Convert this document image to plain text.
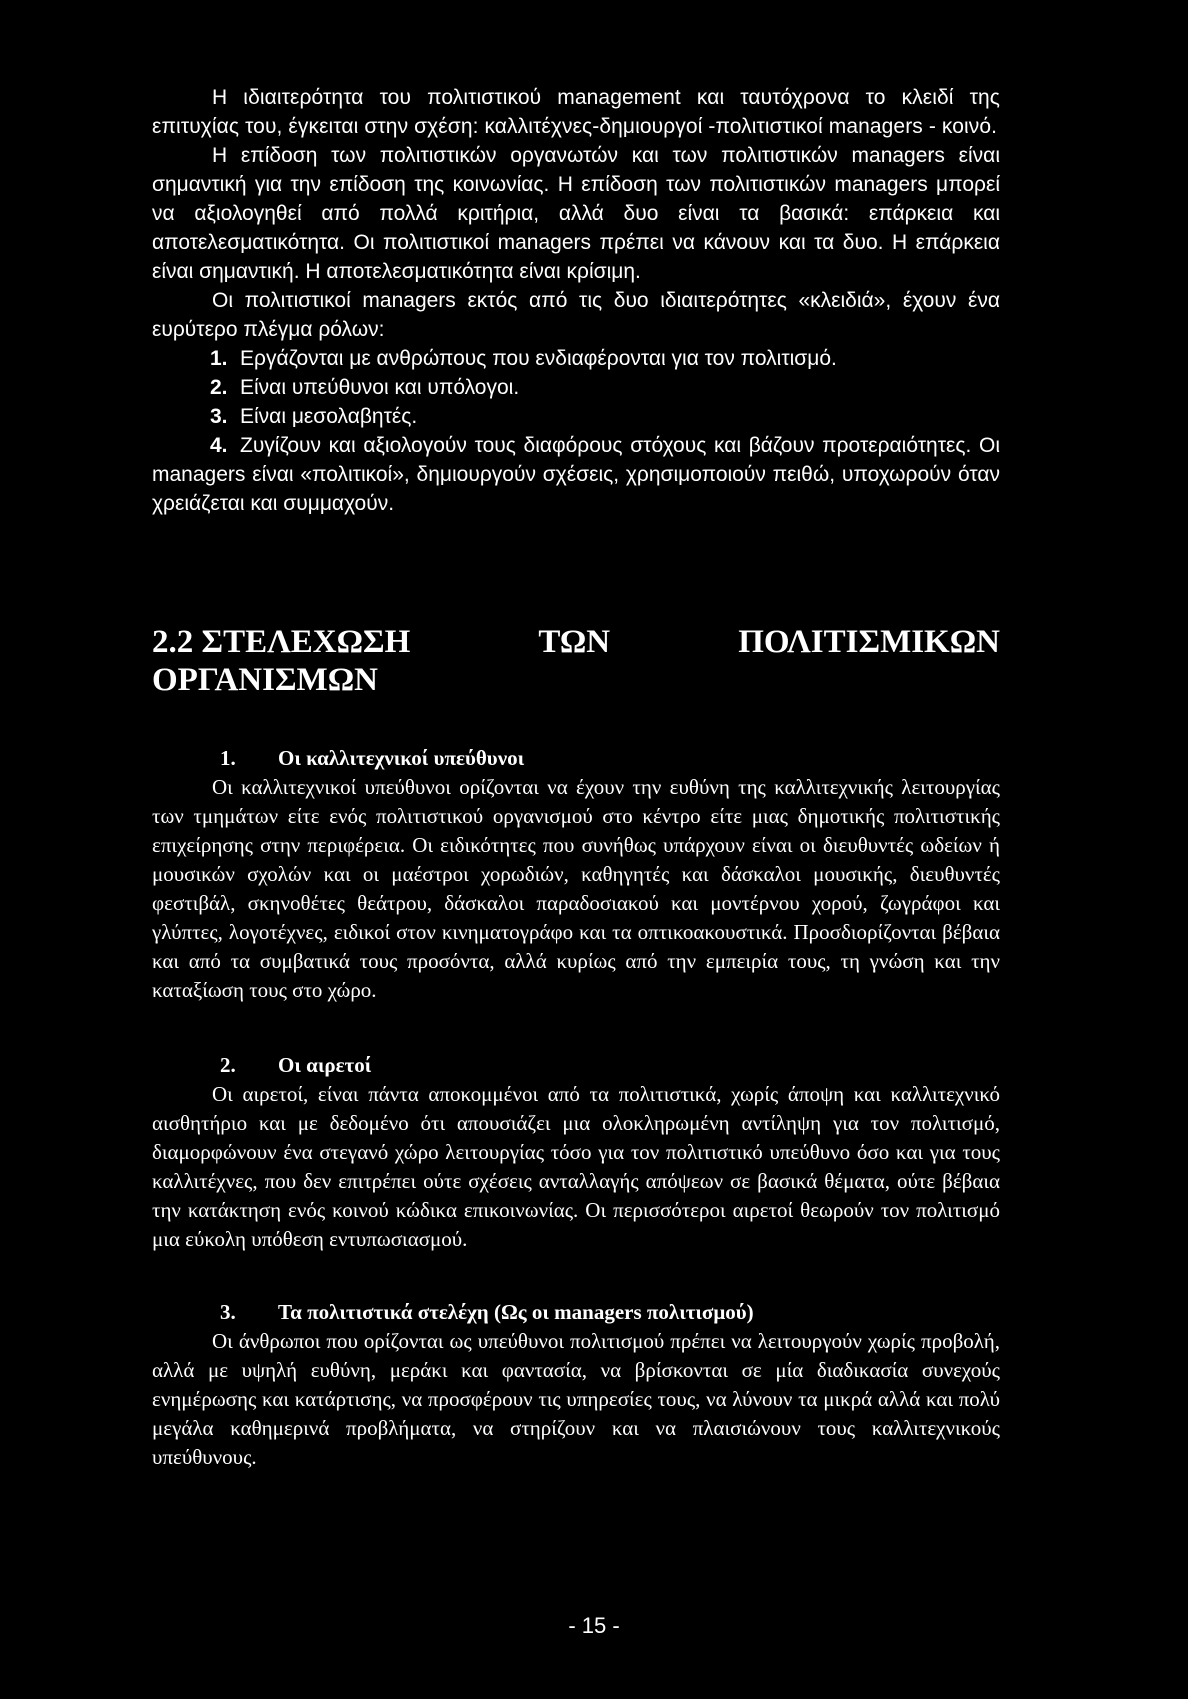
Η ιδιαιτερότητα του πολιτιστικού management και ταυτόχρονα το κλειδί της επιτυχίας του, έγκειται στην σχέση: καλλιτέχνες-δημιουργοί -πολιτιστικοί managers - κοινό.

Η επίδοση των πολιτιστικών οργανωτών και των πολιτιστικών managers είναι σημαντική για την επίδοση της κοινωνίας. Η επίδοση των πολιτιστικών managers μπορεί να αξιολογηθεί από πολλά κριτήρια, αλλά δυο είναι τα βασικά: επάρκεια και αποτελεσματικότητα. Οι πολιτιστικοί managers πρέπει να κάνουν και τα δυο. Η επάρκεια είναι σημαντική. Η αποτελεσματικότητα είναι κρίσιμη.

Οι πολιτιστικοί managers εκτός από τις δυο ιδιαιτερότητες «κλειδιά», έχουν ένα ευρύτερο πλέγμα ρόλων:

1. Εργάζονται με ανθρώπους που ενδιαφέρονται για τον πολιτισμό.
2. Είναι υπεύθυνοι και υπόλογοι.
3. Είναι μεσολαβητές.
4. Ζυγίζουν και αξιολογούν τους διαφόρους στόχους και βάζουν προτεραιότητες. Οι managers είναι «πολιτικοί», δημιουργούν σχέσεις, χρησιμοποιούν πειθώ, υποχωρούν όταν χρειάζεται και συμμαχούν.

2.2 ΣΤΕΛΕΧΩΣΗ	ΤΩΝ	ΠΟΛΙΤΙΣΜΙΚΩΝ
ΟΡΓΑΝΙΣΜΩΝ
1. Οι καλλιτεχνικοί υπεύθυνοι

Οι καλλιτεχνικοί υπεύθυνοι ορίζονται να έχουν την ευθύνη της καλλιτεχνικής λειτουργίας των τμημάτων είτε ενός πολιτιστικού οργανισμού στο κέντρο είτε μιας δημοτικής πολιτιστικής επιχείρησης στην περιφέρεια. Οι ειδικότητες που συνήθως υπάρχουν είναι οι διευθυντές ωδείων ή μουσικών σχολών και οι μαέστροι χορωδιών, καθηγητές και δάσκαλοι μουσικής, διευθυντές φεστιβάλ, σκηνοθέτες θεάτρου, δάσκαλοι παραδοσιακού και μοντέρνου χορού, ζωγράφοι και γλύπτες, λογοτέχνες, ειδικοί στον κινηματογράφο και τα οπτικοακουστικά. Προσδιορίζονται βέβαια και από τα συμβατικά τους προσόντα, αλλά κυρίως από την εμπειρία τους, τη γνώση και την καταξίωση τους στο χώρο.

2. Οι αιρετοί

Οι αιρετοί, είναι πάντα αποκομμένοι από τα πολιτιστικά, χωρίς άποψη και καλλιτεχνικό αισθητήριο και με δεδομένο ότι απουσιάζει μια ολοκληρωμένη αντίληψη για τον πολιτισμό, διαμορφώνουν ένα στεγανό χώρο λειτουργίας τόσο για τον πολιτιστικό υπεύθυνο όσο και για τους καλλιτέχνες, που δεν επιτρέπει ούτε σχέσεις ανταλλαγής απόψεων σε βασικά θέματα, ούτε βέβαια την κατάκτηση ενός κοινού κώδικα επικοινωνίας. Οι περισσότεροι αιρετοί θεωρούν τον πολιτισμό μια εύκολη υπόθεση εντυπωσιασμού.

3. Τα πολιτιστικά στελέχη (Ως οι managers πολιτισμού)

Οι άνθρωποι που ορίζονται ως υπεύθυνοι πολιτισμού πρέπει να λειτουργούν χωρίς προβολή, αλλά με υψηλή ευθύνη, μεράκι και φαντασία, να βρίσκονται σε μία διαδικασία συνεχούς ενημέρωσης και κατάρτισης, να προσφέρουν τις υπηρεσίες τους, να λύνουν τα μικρά αλλά και πολύ μεγάλα καθημερινά προβλήματα, να στηρίζουν και να πλαισιώνουν τους καλλιτεχνικούς υπεύθυνους.

- 15 -
